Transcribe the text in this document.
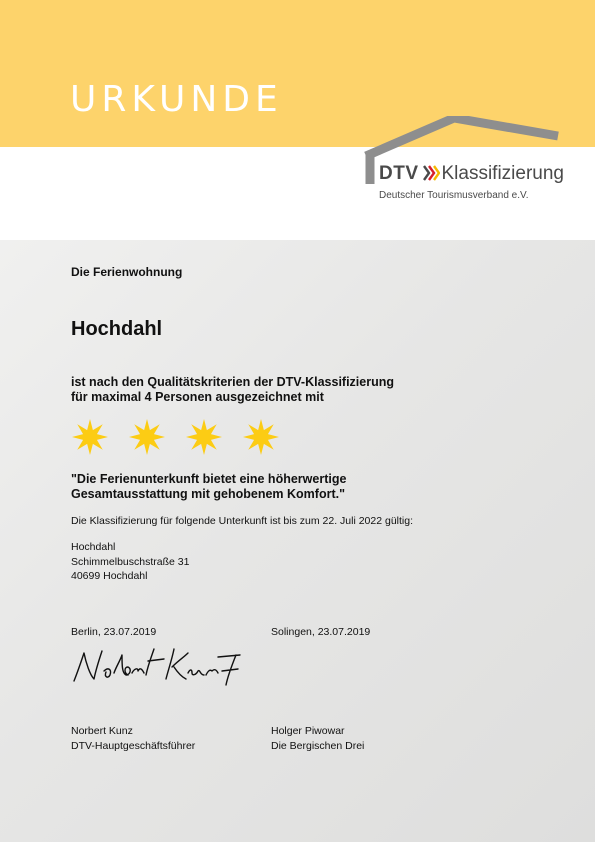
URKUNDE
DTV Klassifizierung
Deutscher Tourismusverband e.V.
Die Ferienwohnung
Hochdahl
ist nach den Qualitätskriterien der DTV-Klassifizierung
für maximal 4 Personen ausgezeichnet mit
"Die Ferienunterkunft bietet eine höherwertige
Gesamtausstattung mit gehobenem Komfort."
Die Klassifizierung für folgende Unterkunft ist bis zum 22. Juli 2022 gültig:
Hochdahl
Schimmelbuschstraße 31
40699 Hochdahl
Berlin, 23.07.2019	Solingen, 23.07.2019
Norbert Kunz
DTV-Hauptgeschäftsführer
Holger Piwowar
Die Bergischen Drei
